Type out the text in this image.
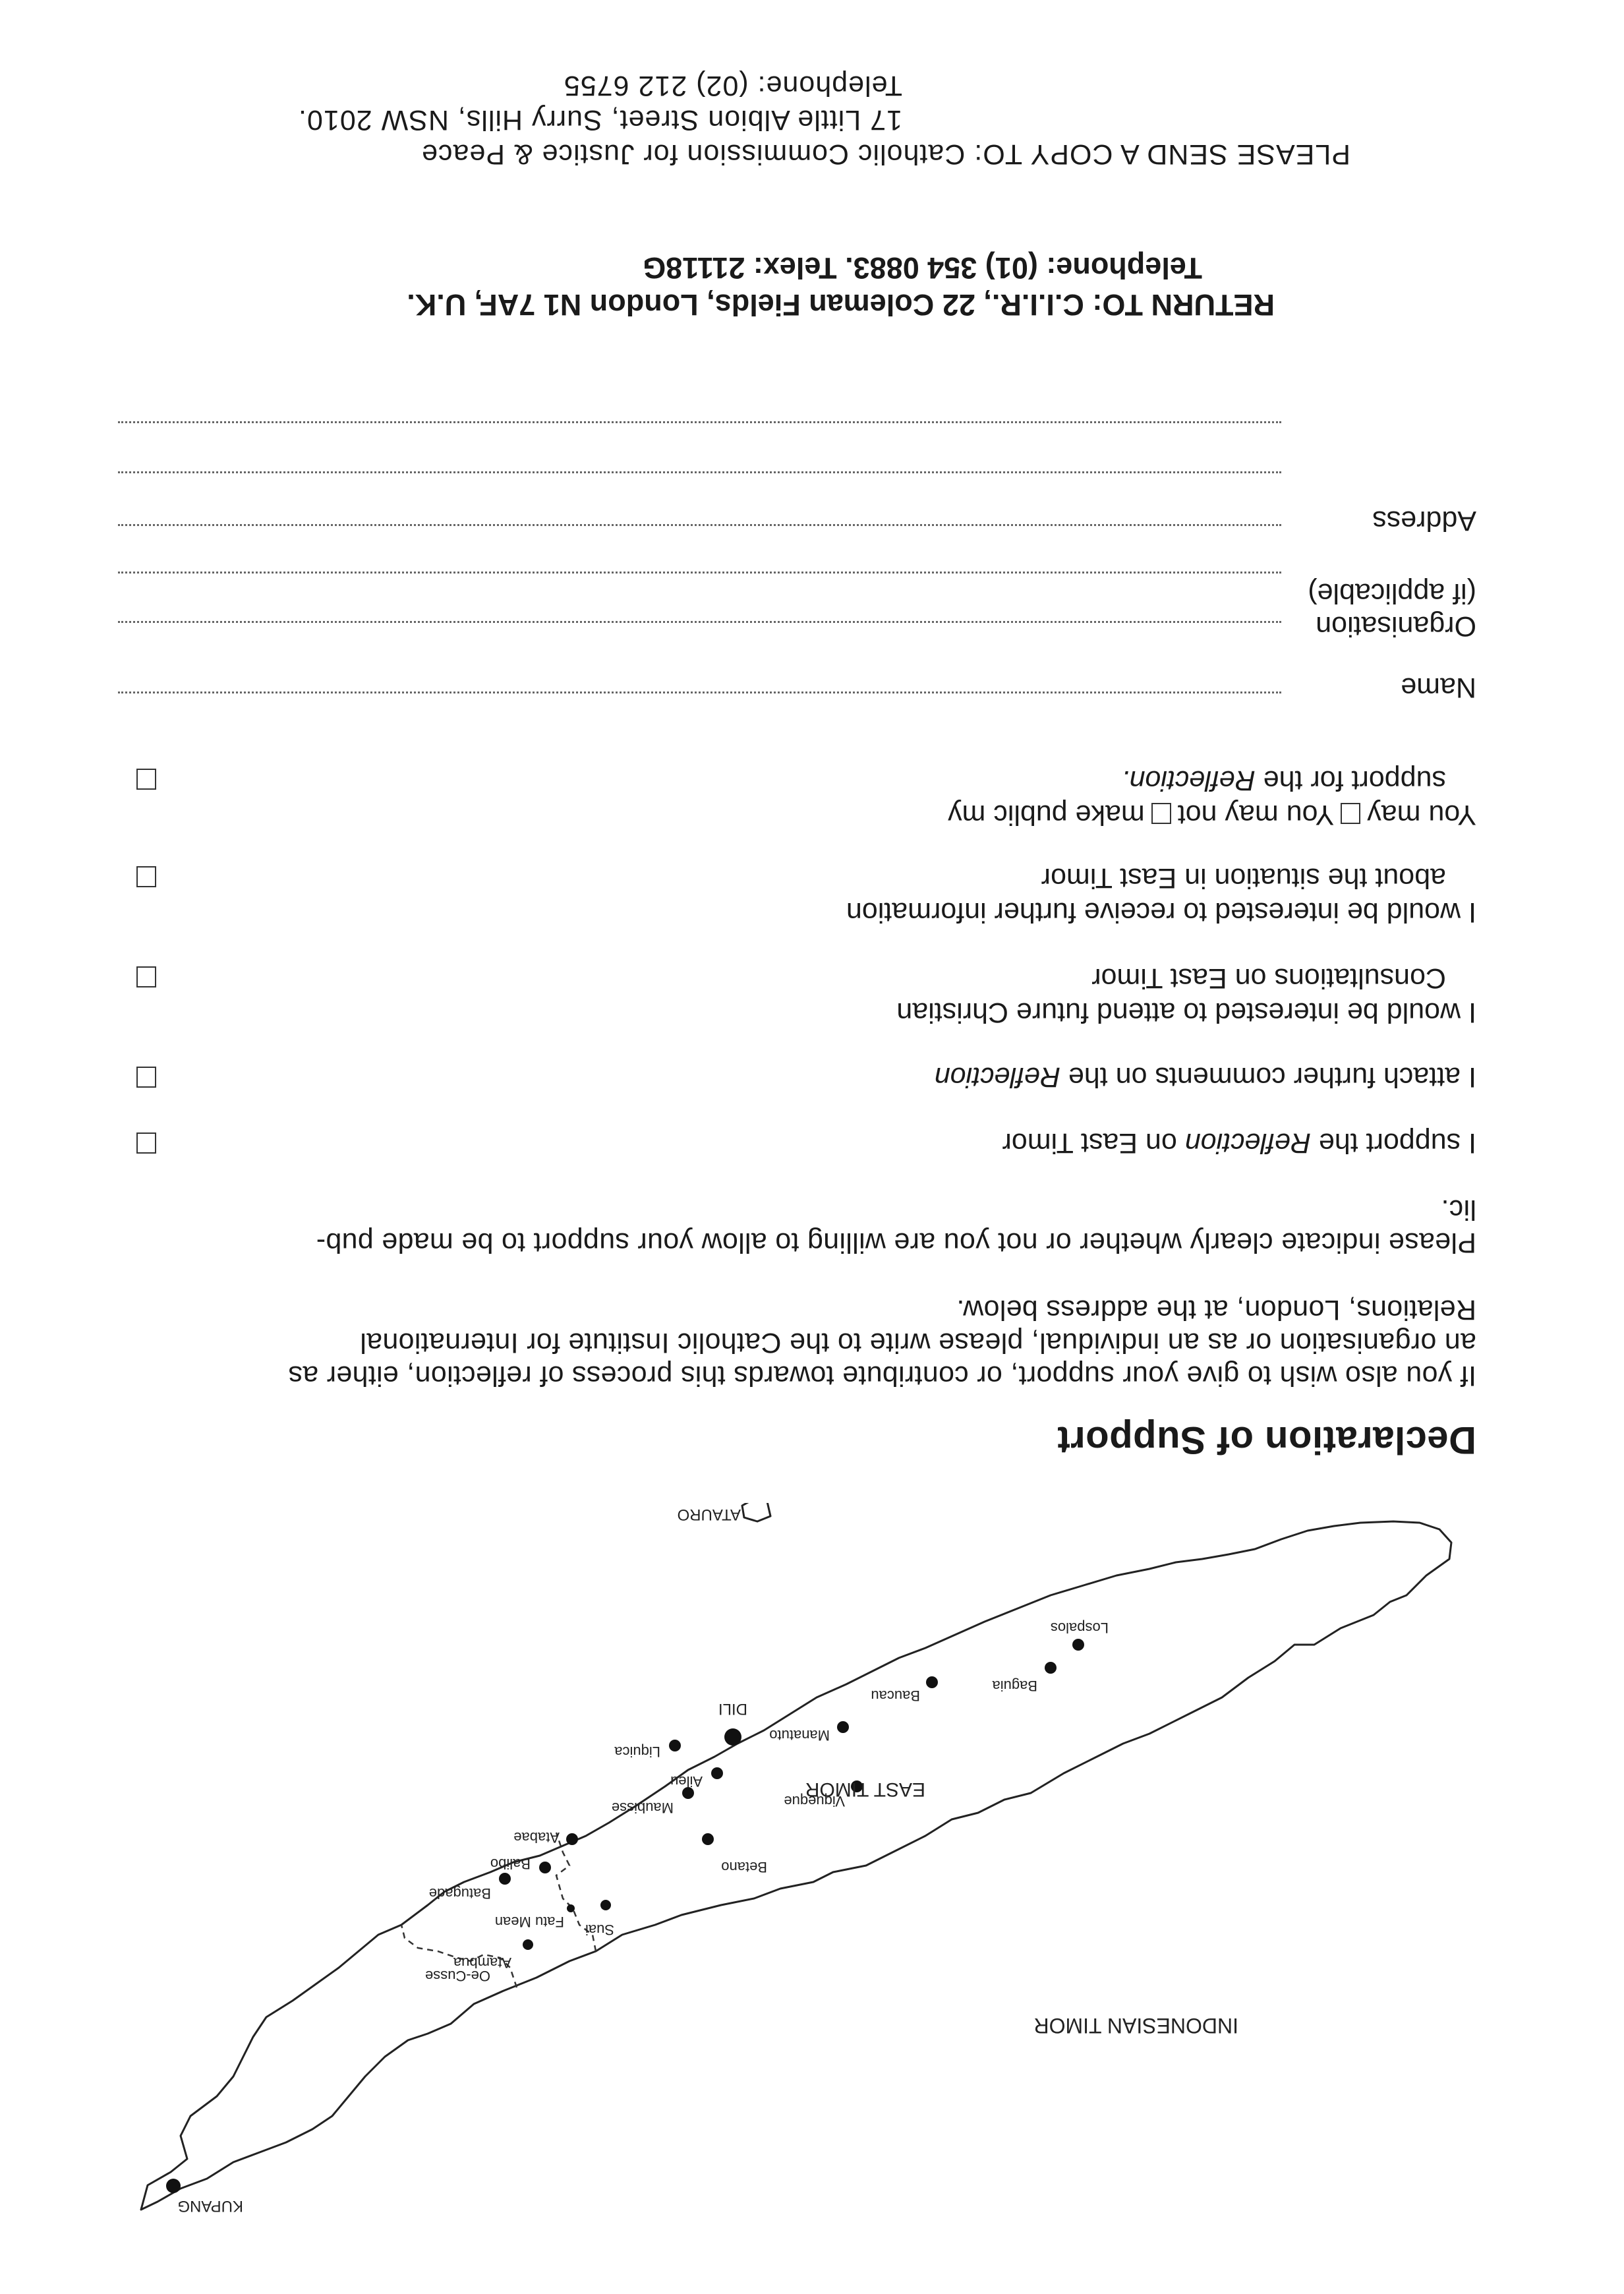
INDONESIAN TIMOR
EAST TIMOR
KUPANG
Oe-Cusse
Suai
Fatu Mean
Atambua
Betano
Batugade
Balibo
Atabae
Maubisse
Aileu
Liquica
DILI
Viqueque
Manatuto
Baucau
Baguia
Lospalos
ATAURO
Declaration of Support
If you also wish to give your support, or contribute towards this process of reflection, either as
an organisation or as an individual, please write to the Catholic Institute for International
Relations, London, at the address below.
Please indicate clearly whether or not you are willing to allow your support to be made pub-
lic.
I support the Reflection on East Timor
I attach further comments on the Reflection
I would be interested to attend future Christian
Consultations on East Timor
I would be interested to receive further information
about the situation in East Timor
You mayYou may notmake public my
support for the Reflection.
Name
Organisation
(if applicable)
Address
RETURN TO: C.I.I.R., 22 Coleman Fields, London N1 7AF, U.K.
Telephone: (01) 354 0883. Telex: 21118G
PLEASE SEND A COPY TO: Catholic Commission for Justice & Peace
17 Little Albion Street, Surry Hills, NSW 2010.
Telephone: (02) 212 6755
